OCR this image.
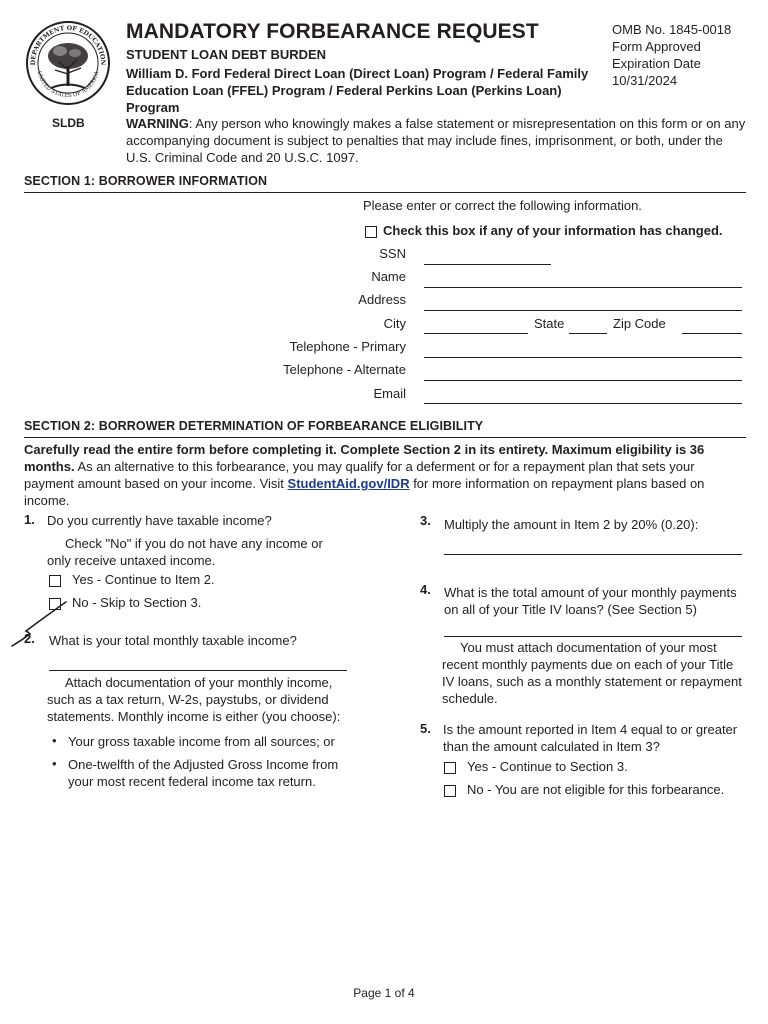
DEPARTMENT OF EDUCATION
UNITED STATES OF AMERICA
SLDB
MANDATORY FORBEARANCE REQUEST
STUDENT LOAN DEBT BURDEN
William D. Ford Federal Direct Loan (Direct Loan) Program / Federal Family
Education Loan (FFEL) Program / Federal Perkins Loan (Perkins Loan) Program
OMB No. 1845-0018
Form Approved
Expiration Date
10/31/2024
WARNING: Any person who knowingly makes a false statement or misrepresentation on this form or on any accompanying document is subject to penalties that may include fines, imprisonment, or both, under the U.S. Criminal Code and 20 U.S.C. 1097.
SECTION 1: BORROWER INFORMATION
Please enter or correct the following information.
Check this box if any of your information has changed.
SSN
Name
Address
City	State	Zip Code
Telephone - Primary
Telephone - Alternate
Email
SECTION 2: BORROWER DETERMINATION OF FORBEARANCE ELIGIBILITY
Carefully read the entire form before completing it. Complete Section 2 in its entirety. Maximum eligibility is 36 months. As an alternative to this forbearance, you may qualify for a deferment or for a repayment plan that sets your payment amount based on your income. Visit StudentAid.gov/IDR for more information on repayment plans based on income.
1. Do you currently have taxable income?
Check "No" if you do not have any income or only receive untaxed income.
Yes - Continue to Item 2.
No - Skip to Section 3.
2. What is your total monthly taxable income?
Attach documentation of your monthly income, such as a tax return, W-2s, paystubs, or dividend statements. Monthly income is either (you choose):
• Your gross taxable income from all sources; or
• One-twelfth of the Adjusted Gross Income from your most recent federal income tax return.
3. Multiply the amount in Item 2 by 20% (0.20):
4. What is the total amount of your monthly payments on all of your Title IV loans? (See Section 5)
You must attach documentation of your most recent monthly payments due on each of your Title IV loans, such as a monthly statement or repayment schedule.
5. Is the amount reported in Item 4 equal to or greater than the amount calculated in Item 3?
Yes - Continue to Section 3.
No - You are not eligible for this forbearance.
Page 1 of 4
